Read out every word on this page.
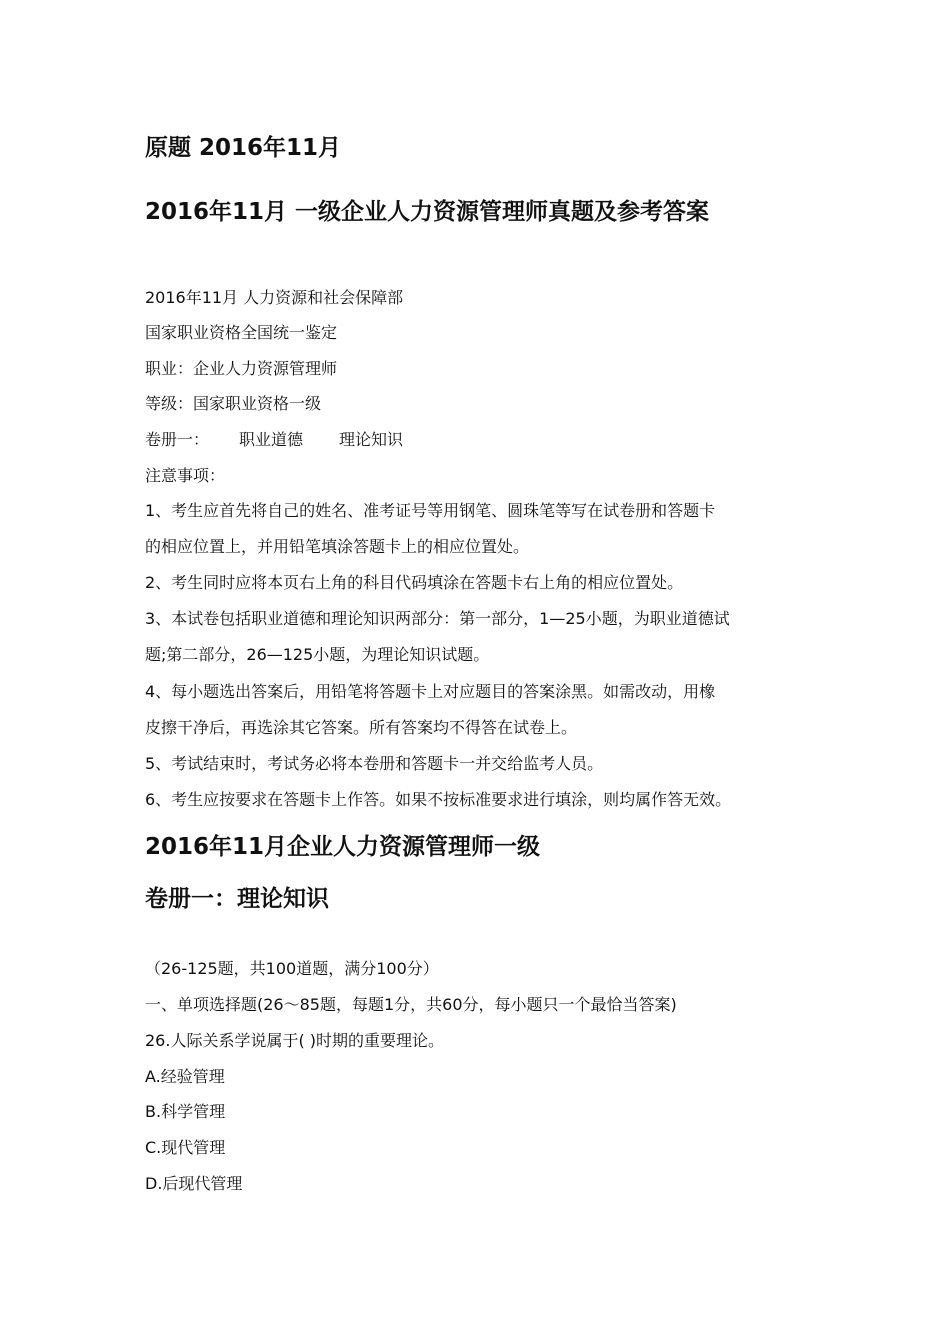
原题 2016年11月
2016年11月 一级企业人力资源管理师真题及参考答案
2016年11月 人力资源和社会保障部
国家职业资格全国统一鉴定
职业：企业人力资源管理师
等级：国家职业资格一级
卷册一： 职业道德 理论知识
注意事项：
1、考生应首先将自己的姓名、准考证号等用钢笔、圆珠笔等写在试卷册和答题卡
的相应位置上，并用铅笔填涂答题卡上的相应位置处。
2、考生同时应将本页右上角的科目代码填涂在答题卡右上角的相应位置处。
3、本试卷包括职业道德和理论知识两部分：第一部分，1—25小题，为职业道德试
题;第二部分，26—125小题，为理论知识试题。
4、每小题选出答案后，用铅笔将答题卡上对应题目的答案涂黑。如需改动，用橡
皮擦干净后，再选涂其它答案。所有答案均不得答在试卷上。
5、考试结束时，考试务必将本卷册和答题卡一并交给监考人员。
6、考生应按要求在答题卡上作答。如果不按标准要求进行填涂，则均属作答无效。
2016年11月企业人力资源管理师一级
卷册一：理论知识
（26-125题，共100道题，满分100分）
一、单项选择题(26～85题，每题1分，共60分，每小题只一个最恰当答案)
26.人际关系学说属于( )时期的重要理论。
A.经验管理
B.科学管理
C.现代管理
D.后现代管理
